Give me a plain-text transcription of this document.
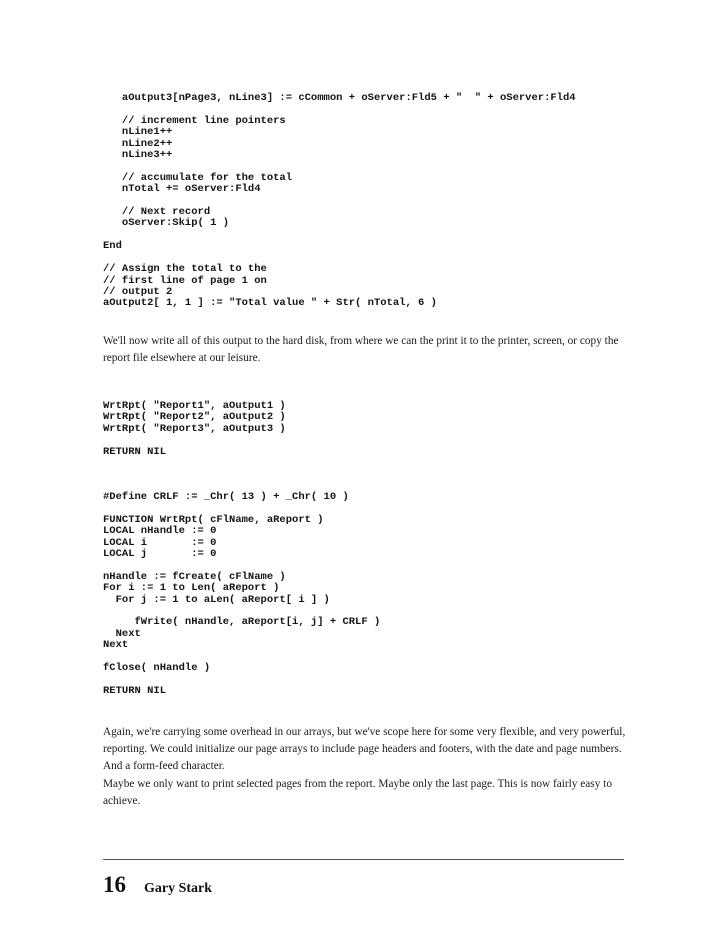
aOutput3[nPage3, nLine3] := cCommon + oServer:Fld5 + "  " + oServer:Fld4

// increment line pointers
nLine1++
nLine2++
nLine3++

// accumulate for the total
nTotal += oServer:Fld4

// Next record
oServer:Skip( 1 )

End

// Assign the total to the
// first line of page 1 on
// output 2
aOutput2[ 1, 1 ] := "Total value " + Str( nTotal, 6 )

We'll now write all of this output to the hard disk, from where we can the print it to the printer, screen, or copy the report file elsewhere at our leisure.

WrtRpt( "Report1", aOutput1 )
WrtRpt( "Report2", aOutput2 )
WrtRpt( "Report3", aOutput3 )

RETURN NIL
#Define CRLF := _Chr( 13 ) + _Chr( 10 )

FUNCTION WrtRpt( cFlName, aReport )
LOCAL nHandle := 0
LOCAL i       := 0
LOCAL j       := 0

nHandle := fCreate( cFlName )
For i := 1 to Len( aReport )
For j := 1 to aLen( aReport[ i ] )

fWrite( nHandle, aReport[i, j] + CRLF )
Next
Next

fClose( nHandle )

RETURN NIL

Again, we're carrying some overhead in our arrays, but we've scope here for some very flexible, and very powerful, reporting. We could initialize our page arrays to include page headers and footers, with the date and page numbers. And a form-feed character.

Maybe we only want to print selected pages from the report. Maybe only the last page. This is now fairly easy to achieve.

16 Gary Stark
